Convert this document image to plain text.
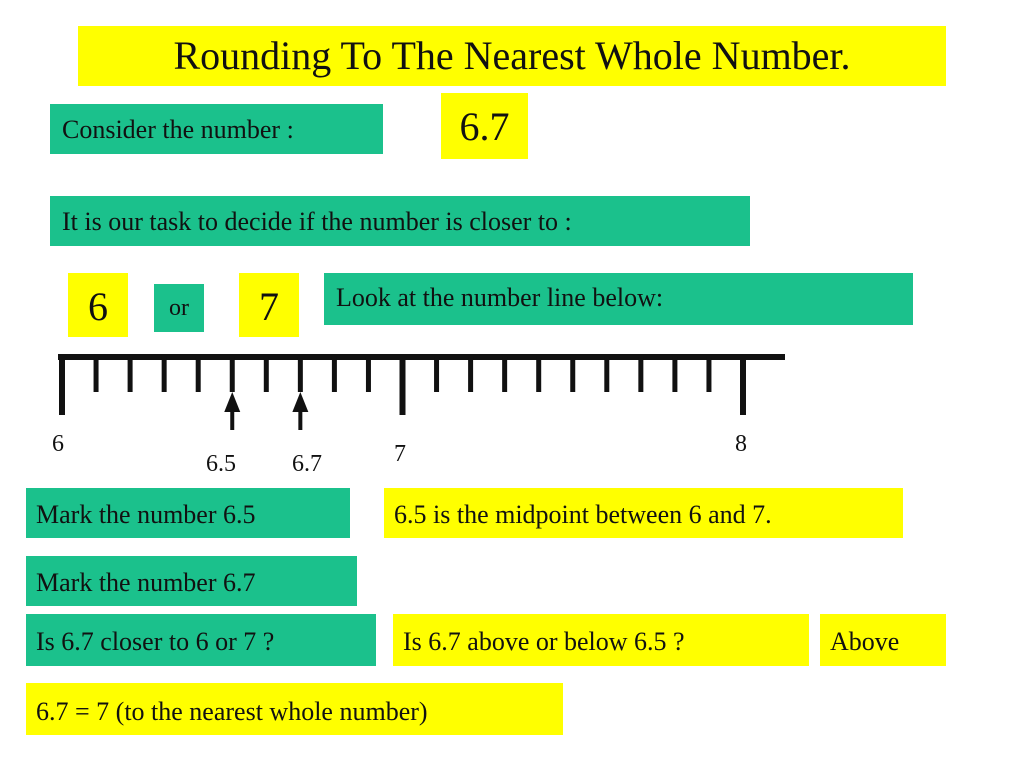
Rounding To The Nearest Whole Number.
Consider the number :	6.7
It is our task to decide if the number is closer to :
6	or	7	Look at the number line below:
6	7	8
6.5 6.7
Mark the number 6.5	6.5 is the midpoint between 6 and 7.
Mark the number 6.7
Is 6.7 closer to 6 or 7 ?	Is 6.7 above or below 6.5 ?	Above
6.7 = 7 (to the nearest whole number)
